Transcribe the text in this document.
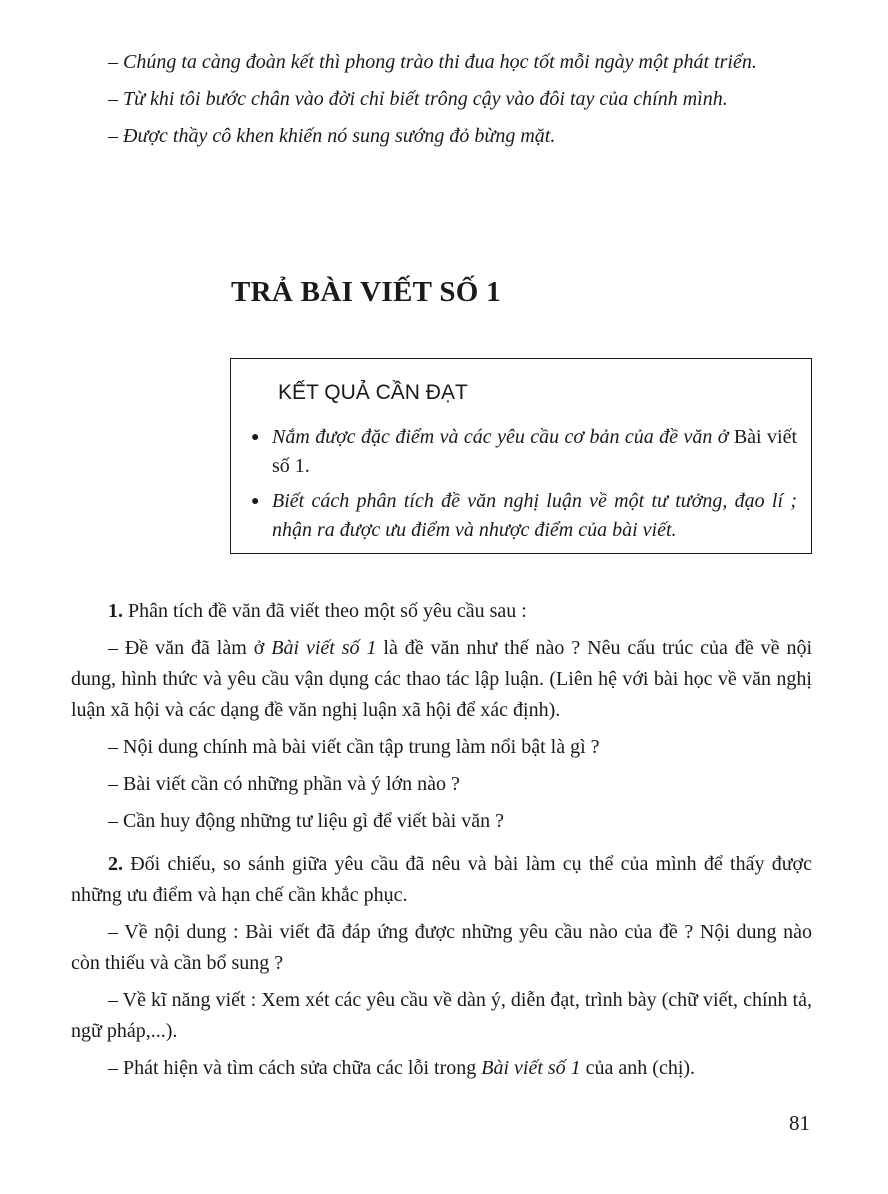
– Chúng ta càng đoàn kết thì phong trào thi đua học tốt mỗi ngày một phát triển.
– Từ khi tôi bước chân vào đời chỉ biết trông cậy vào đôi tay của chính mình.
– Được thầy cô khen khiến nó sung sướng đỏ bừng mặt.
TRẢ BÀI VIẾT SỐ 1
KẾT QUẢ CẦN ĐẠT
● Nắm được đặc điểm và các yêu cầu cơ bản của đề văn ở Bài viết số 1.
● Biết cách phân tích đề văn nghị luận về một tư tưởng, đạo lí ; nhận ra được ưu điểm và nhược điểm của bài viết.

1. Phân tích đề văn đã viết theo một số yêu cầu sau :

– Đề văn đã làm ở Bài viết số 1 là đề văn như thế nào ? Nêu cấu trúc của đề về nội dung, hình thức và yêu cầu vận dụng các thao tác lập luận. (Liên hệ với bài học về văn nghị luận xã hội và các dạng đề văn nghị luận xã hội để xác định).

– Nội dung chính mà bài viết cần tập trung làm nổi bật là gì ?

– Bài viết cần có những phần và ý lớn nào ?

– Cần huy động những tư liệu gì để viết bài văn ?

2. Đối chiếu, so sánh giữa yêu cầu đã nêu và bài làm cụ thể của mình để thấy được những ưu điểm và hạn chế cần khắc phục.

– Về nội dung : Bài viết đã đáp ứng được những yêu cầu nào của đề ? Nội dung nào còn thiếu và cần bổ sung ?

– Về kĩ năng viết : Xem xét các yêu cầu về dàn ý, diễn đạt, trình bày (chữ viết, chính tả, ngữ pháp,...).

– Phát hiện và tìm cách sửa chữa các lỗi trong Bài viết số 1 của anh (chị).

81
